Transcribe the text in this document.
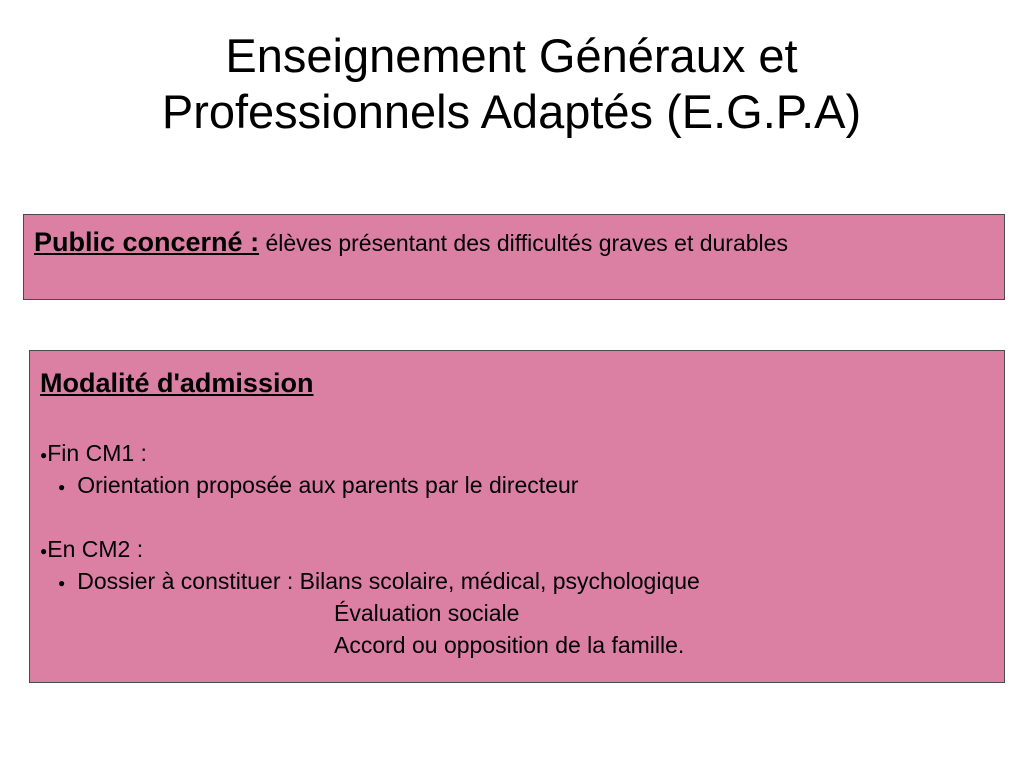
Enseignement Généraux et
Professionnels Adaptés (E.G.P.A)
Public concerné : élèves présentant des difficultés graves et durables
Modalité d'admission
●Fin CM1 :
● Orientation proposée aux parents par le directeur
●En CM2 :
● Dossier à constituer : Bilans scolaire, médical, psychologique
Évaluation sociale
Accord ou opposition de la famille.
